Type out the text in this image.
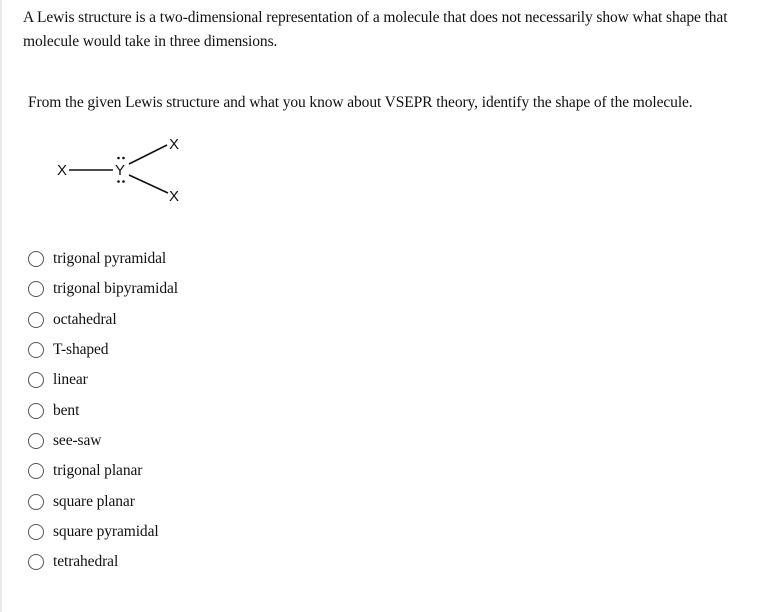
A Lewis structure is a two-dimensional representation of a molecule that does not necessarily show what shape that molecule would take in three dimensions.
From the given Lewis structure and what you know about VSEPR theory, identify the shape of the molecule.
X	Y
X
X
trigonal pyramidal
trigonal bipyramidal
octahedral
T-shaped
linear
bent
see-saw
trigonal planar
square planar
square pyramidal
tetrahedral
